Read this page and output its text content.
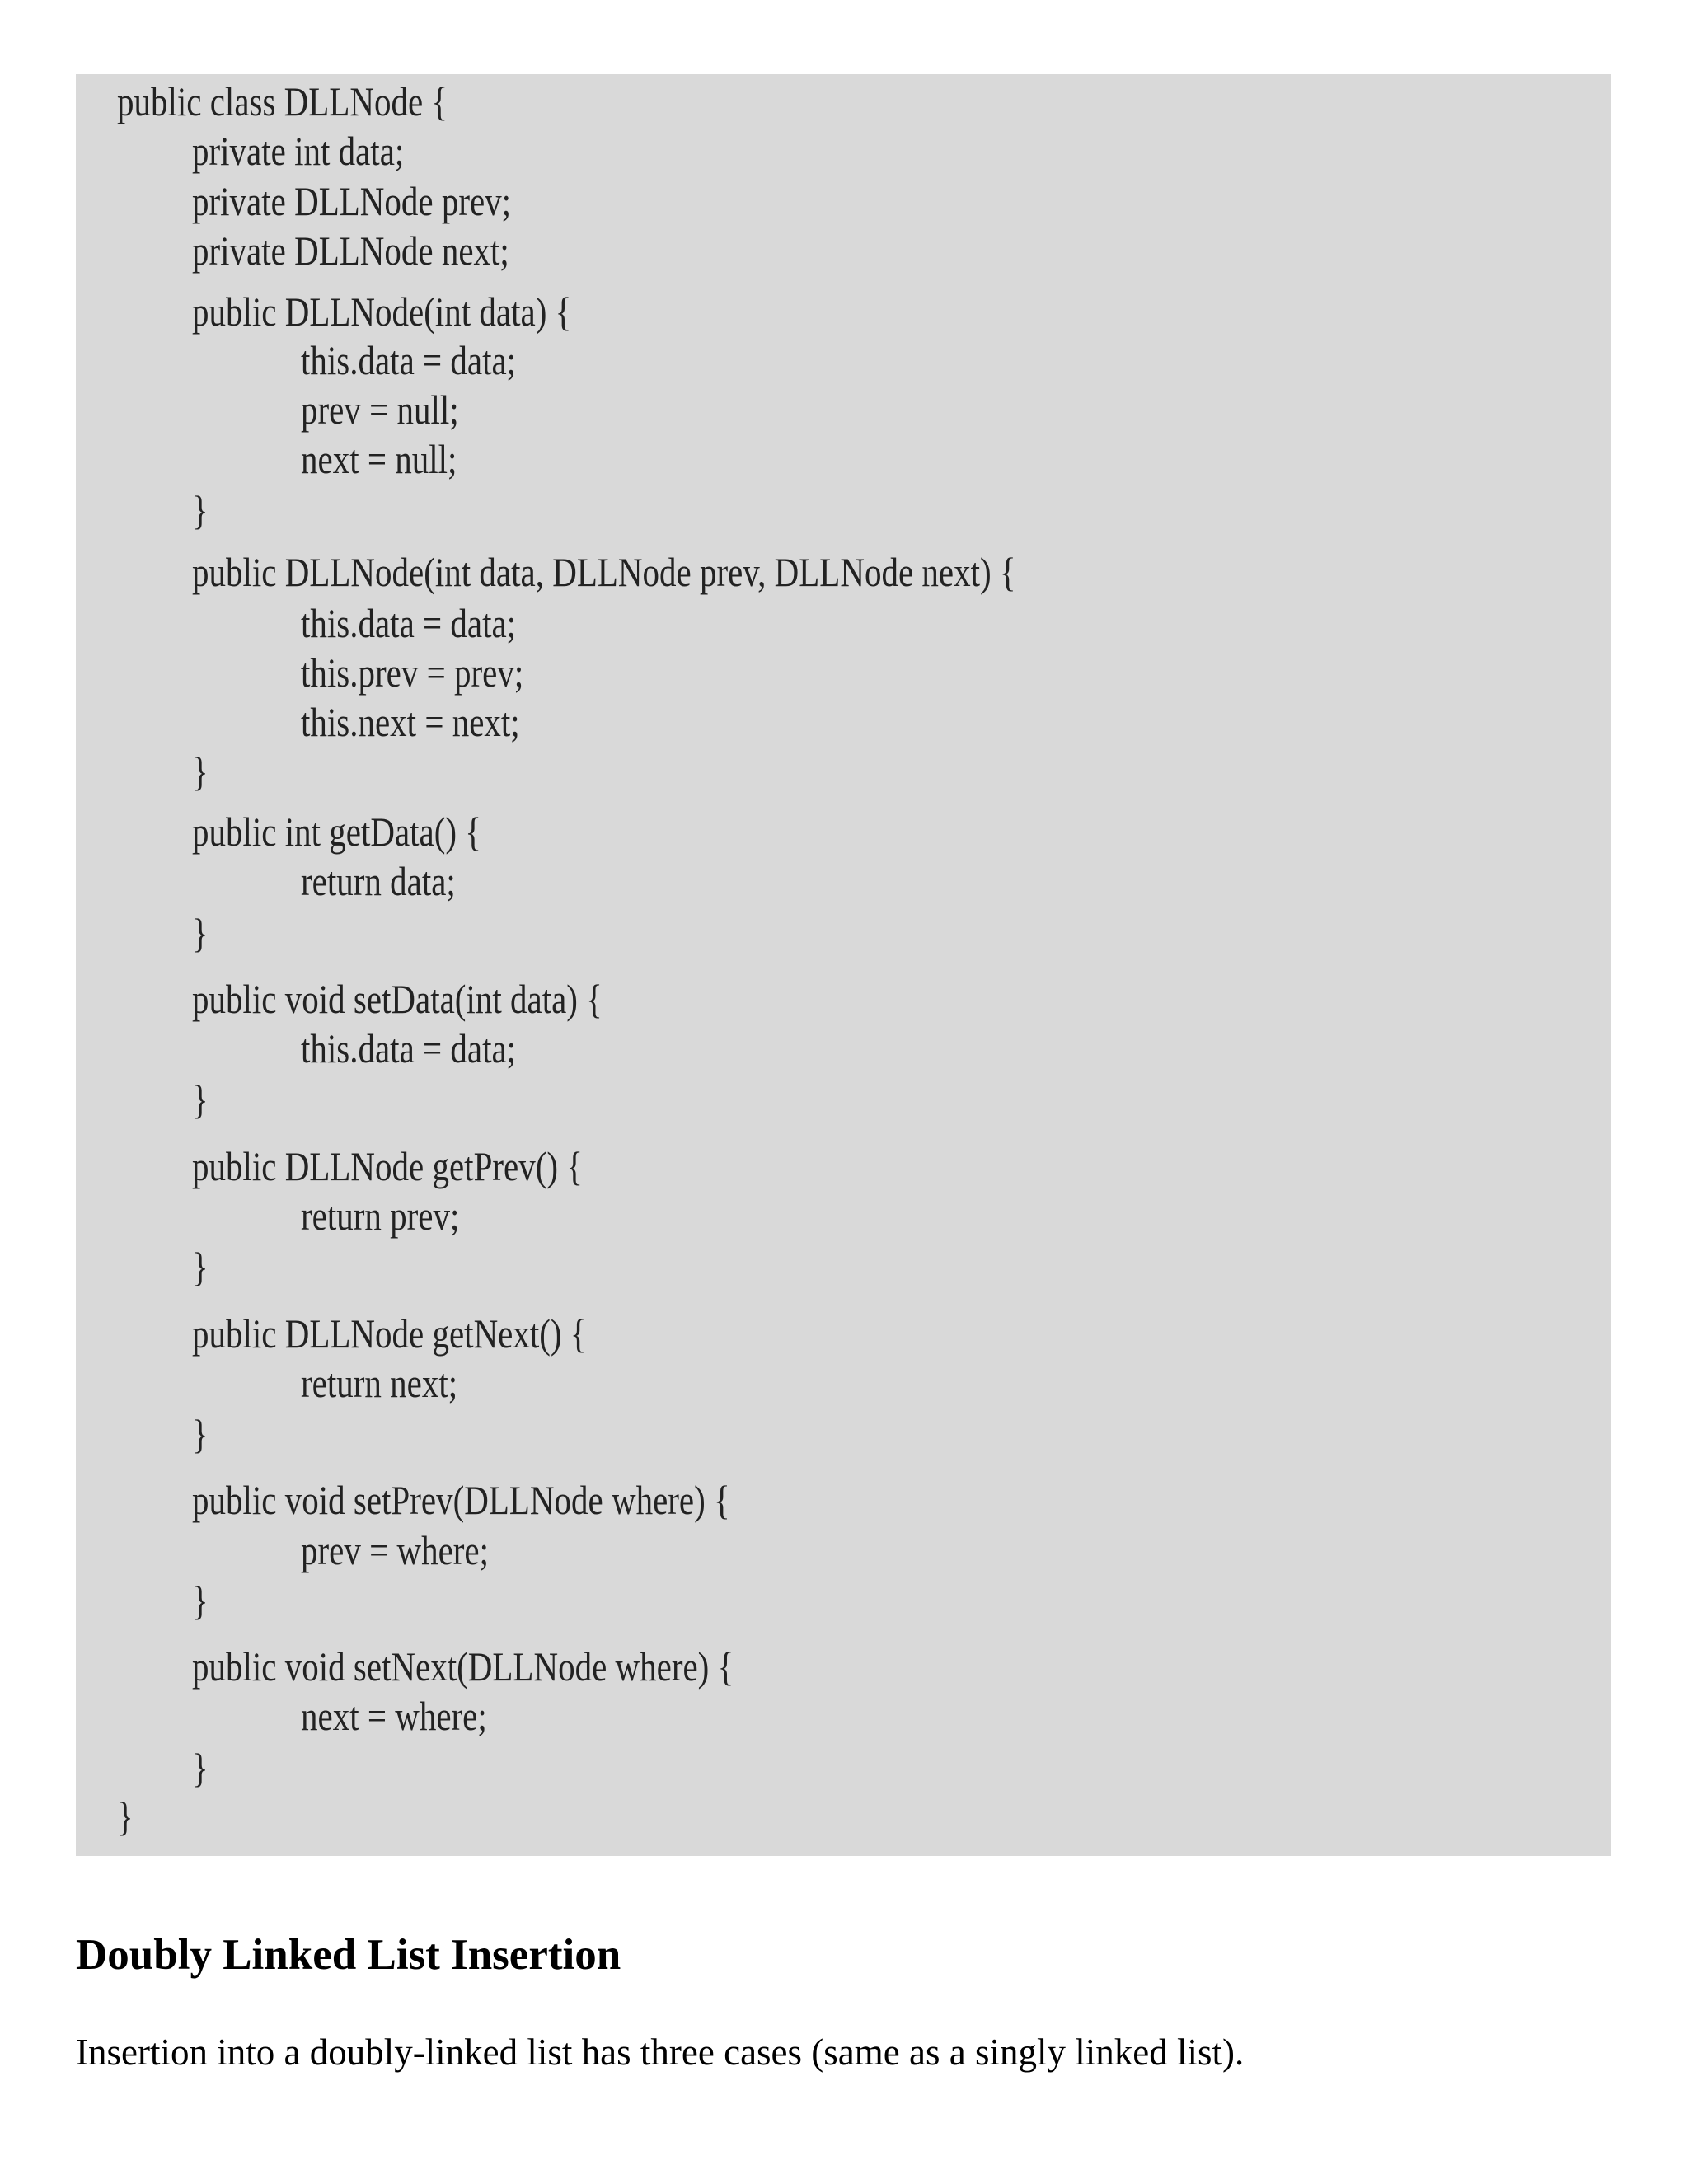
public class DLLNode {
private int data;
private DLLNode prev;
private DLLNode next;
public DLLNode(int data) {
this.data = data;
prev = null;
next = null;
}
public DLLNode(int data, DLLNode prev, DLLNode next) {
this.data = data;
this.prev = prev;
this.next = next;
}
public int getData() {
return data;
}
public void setData(int data) {
this.data = data;
}
public DLLNode getPrev() {
return prev;
}
public DLLNode getNext() {
return next;
}
public void setPrev(DLLNode where) {
prev = where;
}
public void setNext(DLLNode where) {
next = where;
}
}
Doubly Linked List Insertion

Insertion into a doubly-linked list has three cases (same as a singly linked list).
